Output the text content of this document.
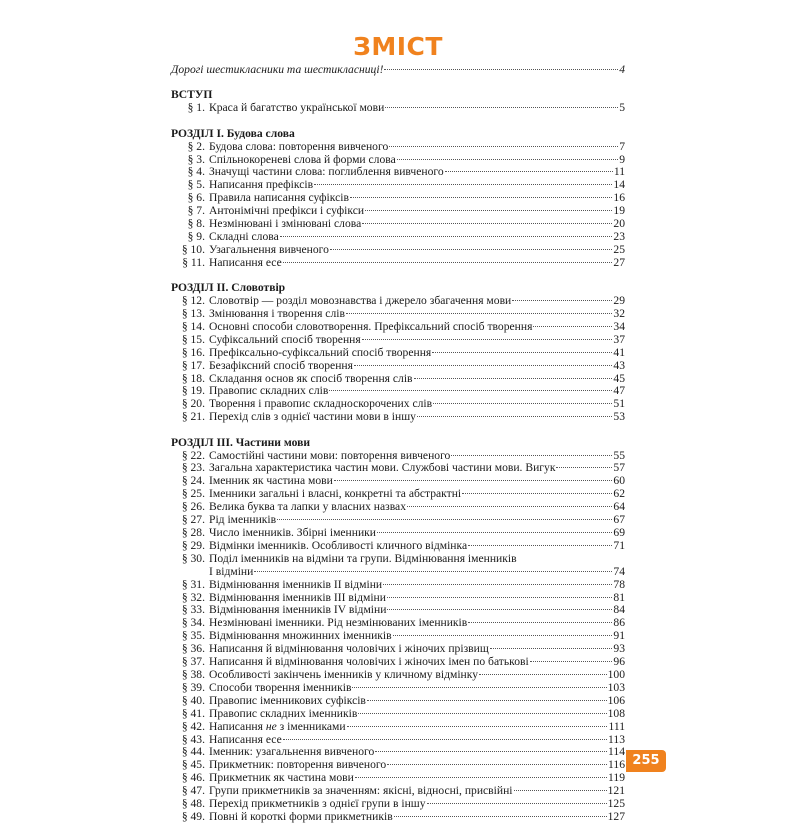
ЗМІСТ
Дорогі шестикласники та шестикласниці!	4
ВСТУП
§ 1. Краса й багатство української мови	5
РОЗДІЛ І. Будова слова
§ 2. Будова слова: повторення вивченого	7
§ 3. Спільнокореневі слова й форми слова	9
§ 4. Значущі частини слова: поглиблення вивченого	11
§ 5. Написання префіксів	14
§ 6. Правила написання суфіксів	16
§ 7. Антонімічні префікси і суфікси	19
§ 8. Незмінювані і змінювані слова	20
§ 9. Складні слова	23
§ 10. Узагальнення вивченого	25
§ 11. Написання есе	27
РОЗДІЛ ІІ. Словотвір
§ 12. Словотвір — розділ мовознавства і джерело збагачення мови	29
§ 13. Змінювання і творення слів	32
§ 14. Основні способи словотворення. Префіксальний спосіб творення	34
§ 15. Суфіксальний спосіб творення	37
§ 16. Префіксально-суфіксальний спосіб творення	41
§ 17. Безафіксний спосіб творення	43
§ 18. Складання основ як спосіб творення слів	45
§ 19. Правопис складних слів	47
§ 20. Творення і правопис складноскорочених слів	51
§ 21. Перехід слів з однієї частини мови в іншу	53
РОЗДІЛ ІІІ. Частини мови
§ 22. Самостійні частини мови: повторення вивченого	55
§ 23. Загальна характеристика частин мови. Службові частини мови. Вигук	57
§ 24. Іменник як частина мови	60
§ 25. Іменники загальні і власні, конкретні та абстрактні	62
§ 26. Велика буква та лапки у власних назвах	64
§ 27. Рід іменників	67
§ 28. Число іменників. Збірні іменники	69
§ 29. Відмінки іменників. Особливості кличного відмінка	71
§ 30. Поділ іменників на відміни та групи. Відмінювання іменників
I відміни	74
§ 31. Відмінювання іменників II відміни	78
§ 32. Відмінювання іменників III відміни	81
§ 33. Відмінювання іменників IV відміни	84
§ 34. Незмінювані іменники. Рід незмінюваних іменників	86
§ 35. Відмінювання множинних іменників	91
§ 36. Написання й відмінювання чоловічих і жіночих прізвищ	93
§ 37. Написання й відмінювання чоловічих і жіночих імен по батькові	96
§ 38. Особливості закінчень іменників у кличному відмінку	100
§ 39. Способи творення іменників	103
§ 40. Правопис іменникових суфіксів	106
§ 41. Правопис складних іменників	108
§ 42. Написання не з іменниками	111
§ 43. Написання есе	113
§ 44. Іменник: узагальнення вивченого	114
§ 45. Прикметник: повторення вивченого	116
§ 46. Прикметник як частина мови	119
§ 47. Групи прикметників за значенням: якісні, відносні, присвійні	121
§ 48. Перехід прикметників з однієї групи в іншу	125
§ 49. Повні й короткі форми прикметників	127
255
